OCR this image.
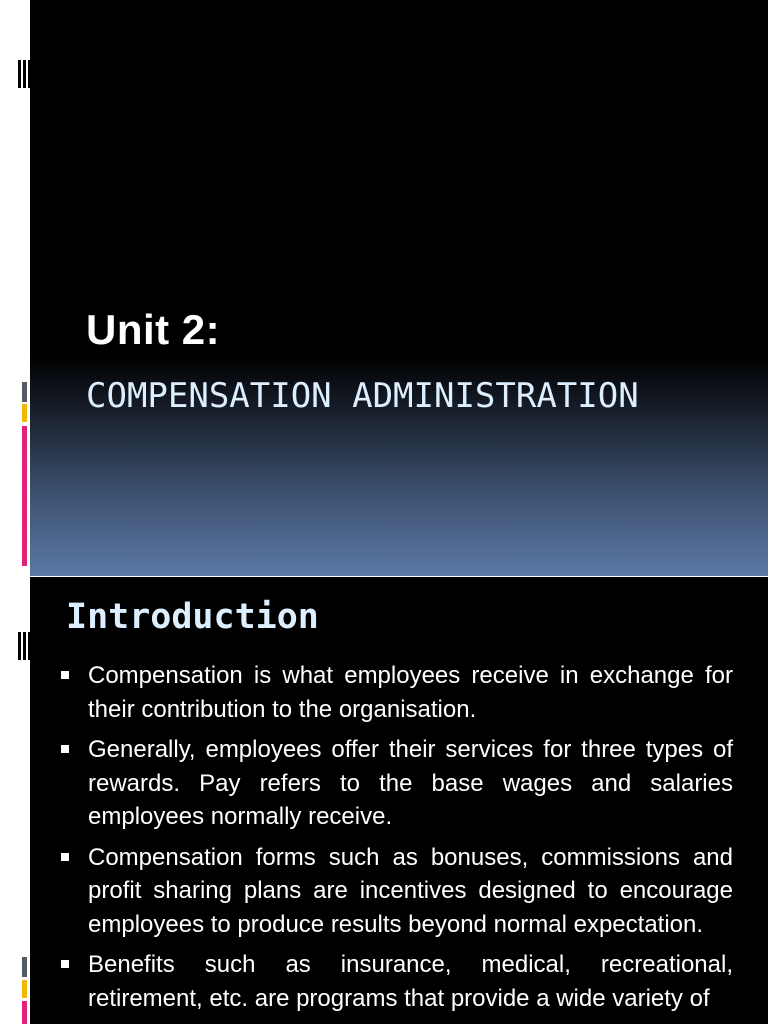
Unit 2:
COMPENSATION ADMINISTRATION
Introduction
Compensation is what employees receive in exchange for their contribution to the organisation.
Generally, employees offer their services for three types of rewards. Pay refers to the base wages and salaries employees normally receive.
Compensation forms such as bonuses, commissions and profit sharing plans are incentives designed to encourage employees to produce results beyond normal expectation.
Benefits such as insurance, medical, recreational, retirement, etc. are programs that provide a wide variety of
